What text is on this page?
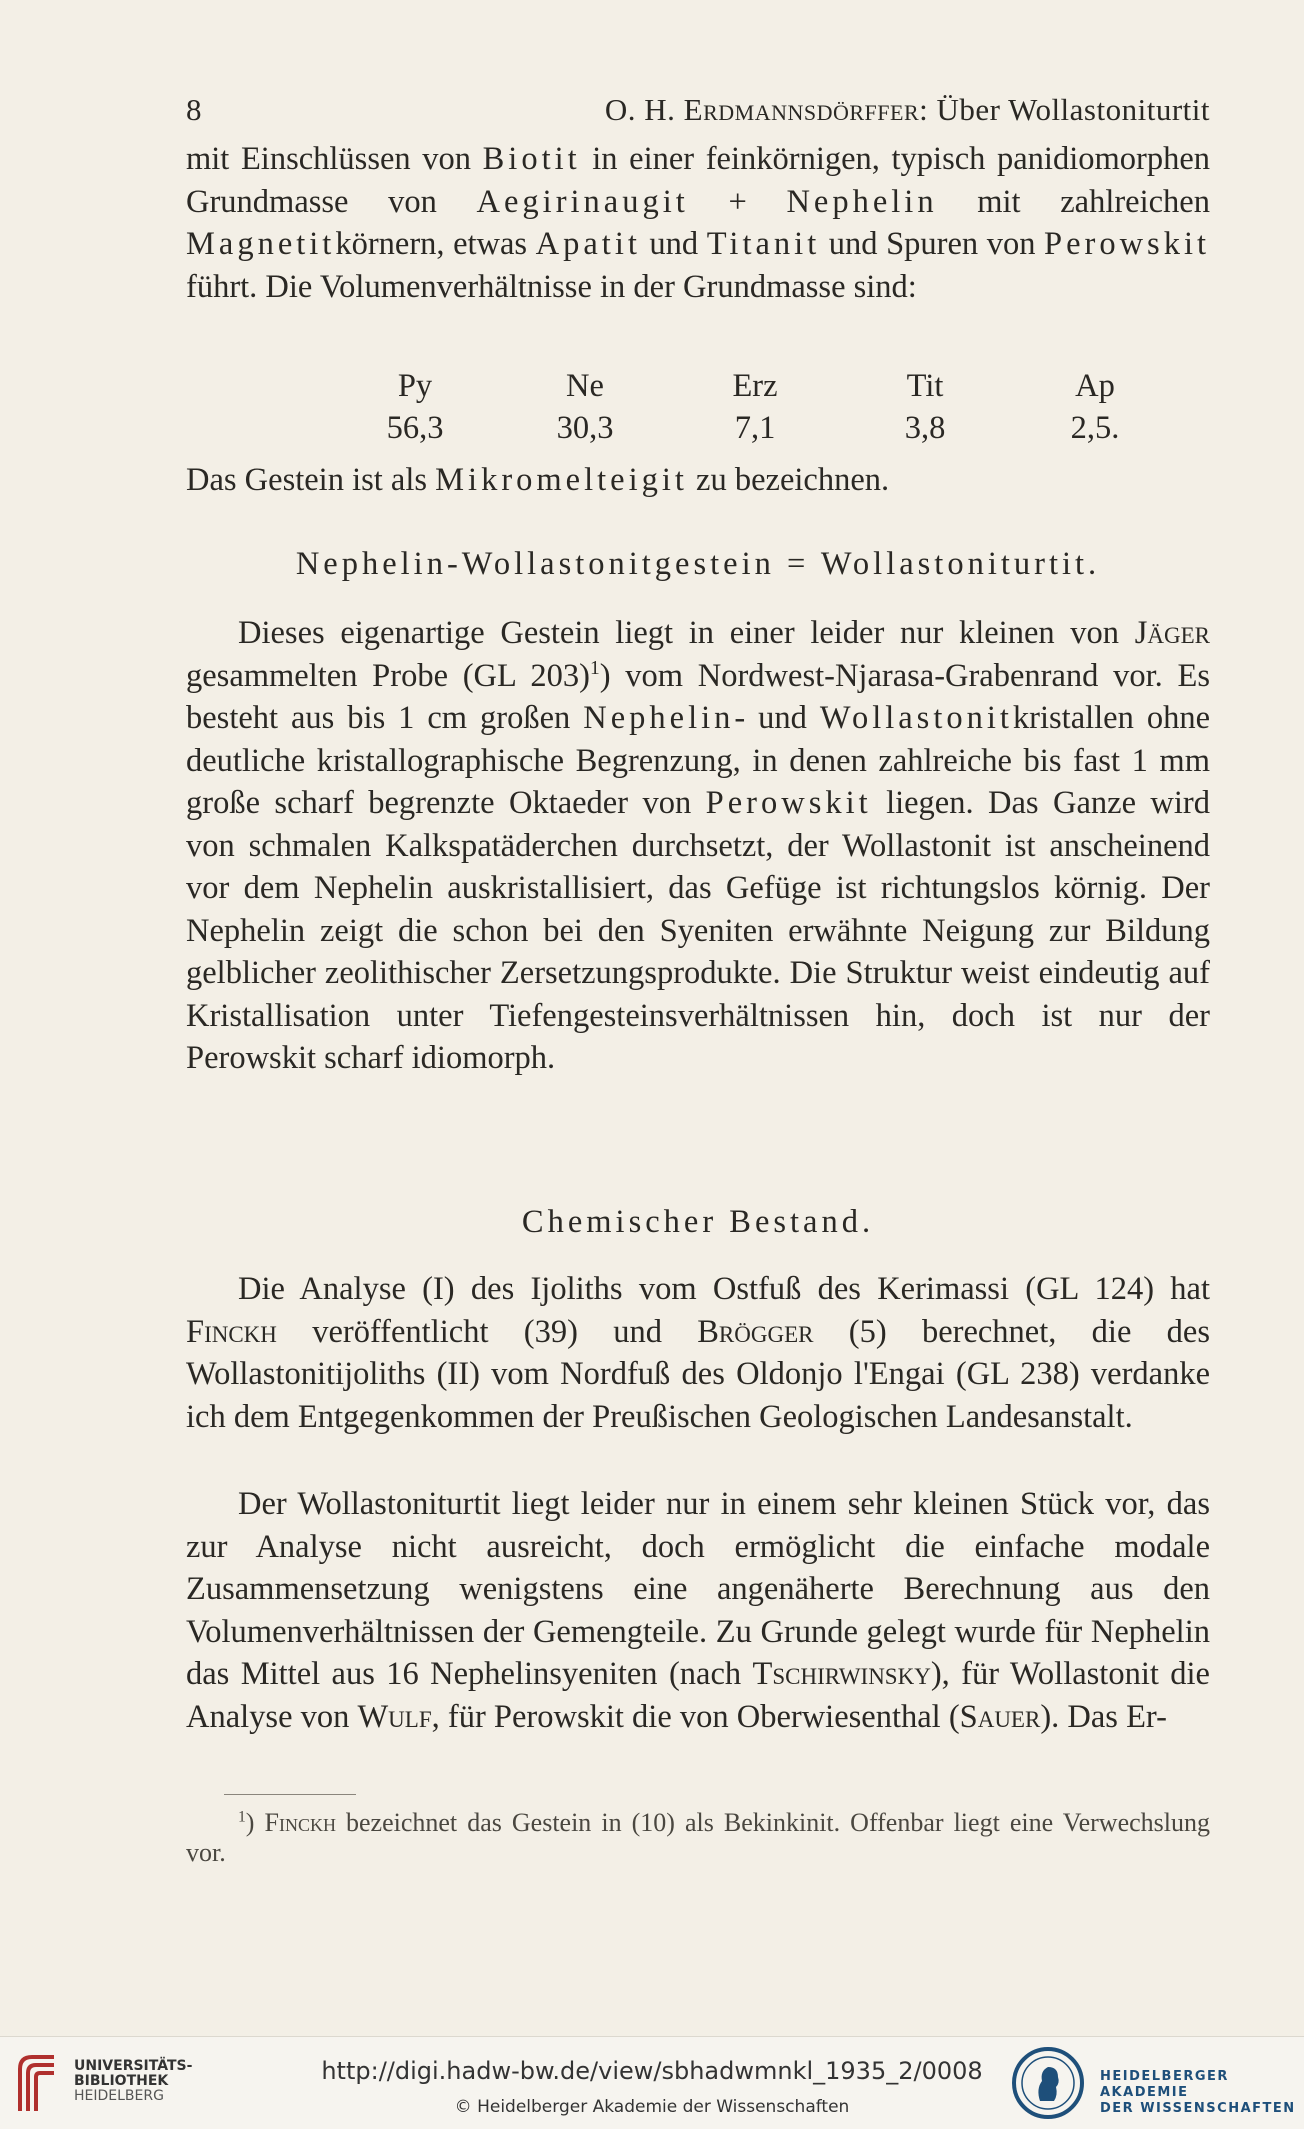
8	O. H. Erdmannsdörffer: Über Wollastoniturtit

mit Einschlüssen von Biotit in einer feinkörnigen, typisch panidiomorphen Grundmasse von Aegirinaugit + Nephelin mit zahlreichen Magnetitkörnern, etwas Apatit und Titanit und Spuren von Perowskit führt. Die Volumenverhältnisse in der Grundmasse sind:

Py	Ne	Erz	Tit	Ap
56,3	30,3	7,1	3,8	2,5.

Das Gestein ist als Mikromelteigit zu bezeichnen.

Nephelin-Wollastonitgestein = Wollastoniturtit.

Dieses eigenartige Gestein liegt in einer leider nur kleinen von Jäger gesammelten Probe (GL 203)$^1$) vom Nordwest-Njarasa-Grabenrand vor. Es besteht aus bis 1 cm großen Nephelin- und Wollastonitkristallen ohne deutliche kristallographische Begrenzung, in denen zahlreiche bis fast 1 mm große scharf begrenzte Oktaeder von Perowskit liegen. Das Ganze wird von schmalen Kalkspatäderchen durchsetzt, der Wollastonit ist anscheinend vor dem Nephelin auskristallisiert, das Gefüge ist richtungslos körnig. Der Nephelin zeigt die schon bei den Syeniten erwähnte Neigung zur Bildung gelblicher zeolithischer Zersetzungsprodukte. Die Struktur weist eindeutig auf Kristallisation unter Tiefengesteinsverhältnissen hin, doch ist nur der Perowskit scharf idiomorph.

Chemischer Bestand.

Die Analyse (I) des Ijoliths vom Ostfuß des Kerimassi (GL 124) hat Finckh veröffentlicht (39) und Brögger (5) berechnet, die des Wollastonitijoliths (II) vom Nordfuß des Oldonjo l'Engai (GL 238) verdanke ich dem Entgegenkommen der Preußischen Geologischen Landesanstalt.

Der Wollastoniturtit liegt leider nur in einem sehr kleinen Stück vor, das zur Analyse nicht ausreicht, doch ermöglicht die einfache modale Zusammensetzung wenigstens eine angenäherte Berechnung aus den Volumenverhältnissen der Gemengteile. Zu Grunde gelegt wurde für Nephelin das Mittel aus 16 Nephelinsyeniten (nach Tschirwinsky), für Wollastonit die Analyse von Wulf, für Perowskit die von Oberwiesenthal (Sauer). Das Er-

$^1$) Finckh bezeichnet das Gestein in (10) als Bekinkinit. Offenbar liegt eine Verwechslung vor.

UNIVERSITÄTS-
BIBLIOTHEK
HEIDELBERG
http://digi.hadw-bw.de/view/sbhadwmnkl_1935_2/0008
© Heidelberger Akademie der Wissenschaften
HEIDELBERGER AKADEMIE
DER WISSENSCHAFTEN
